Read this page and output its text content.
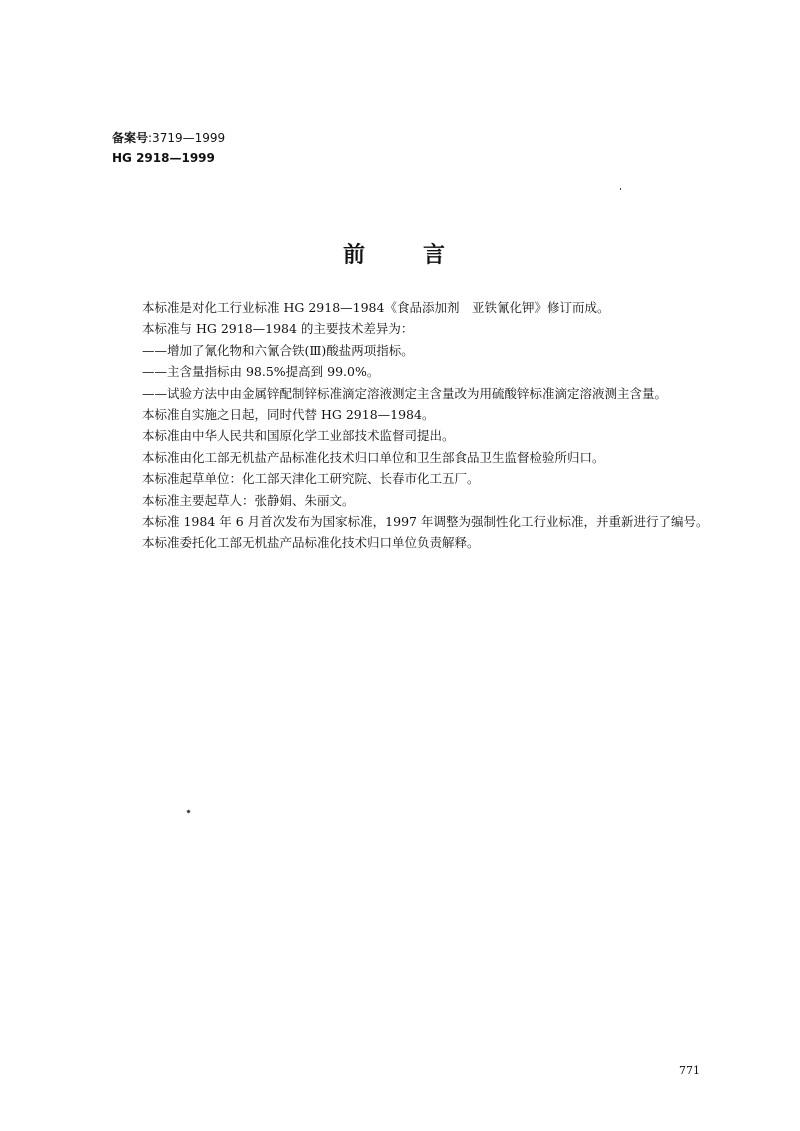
备案号:3719—1999
HG 2918—1999
前言

本标准是对化工行业标准 HG 2918—1984《食品添加剂　亚铁氰化钾》修订而成。

本标准与 HG 2918—1984 的主要技术差异为：

——增加了氰化物和六氰合铁(Ⅲ)酸盐两项指标。

——主含量指标由 98.5%提高到 99.0%。

——试验方法中由金属锌配制锌标准滴定溶液测定主含量改为用硫酸锌标准滴定溶液测主含量。

本标准自实施之日起，同时代替 HG 2918—1984。

本标准由中华人民共和国原化学工业部技术监督司提出。

本标准由化工部无机盐产品标准化技术归口单位和卫生部食品卫生监督检验所归口。

本标准起草单位：化工部天津化工研究院、长春市化工五厂。

本标准主要起草人：张静娟、朱丽文。

本标准 1984 年 6 月首次发布为国家标准，1997 年调整为强制性化工行业标准，并重新进行了编号。

本标准委托化工部无机盐产品标准化技术归口单位负责解释。

771
